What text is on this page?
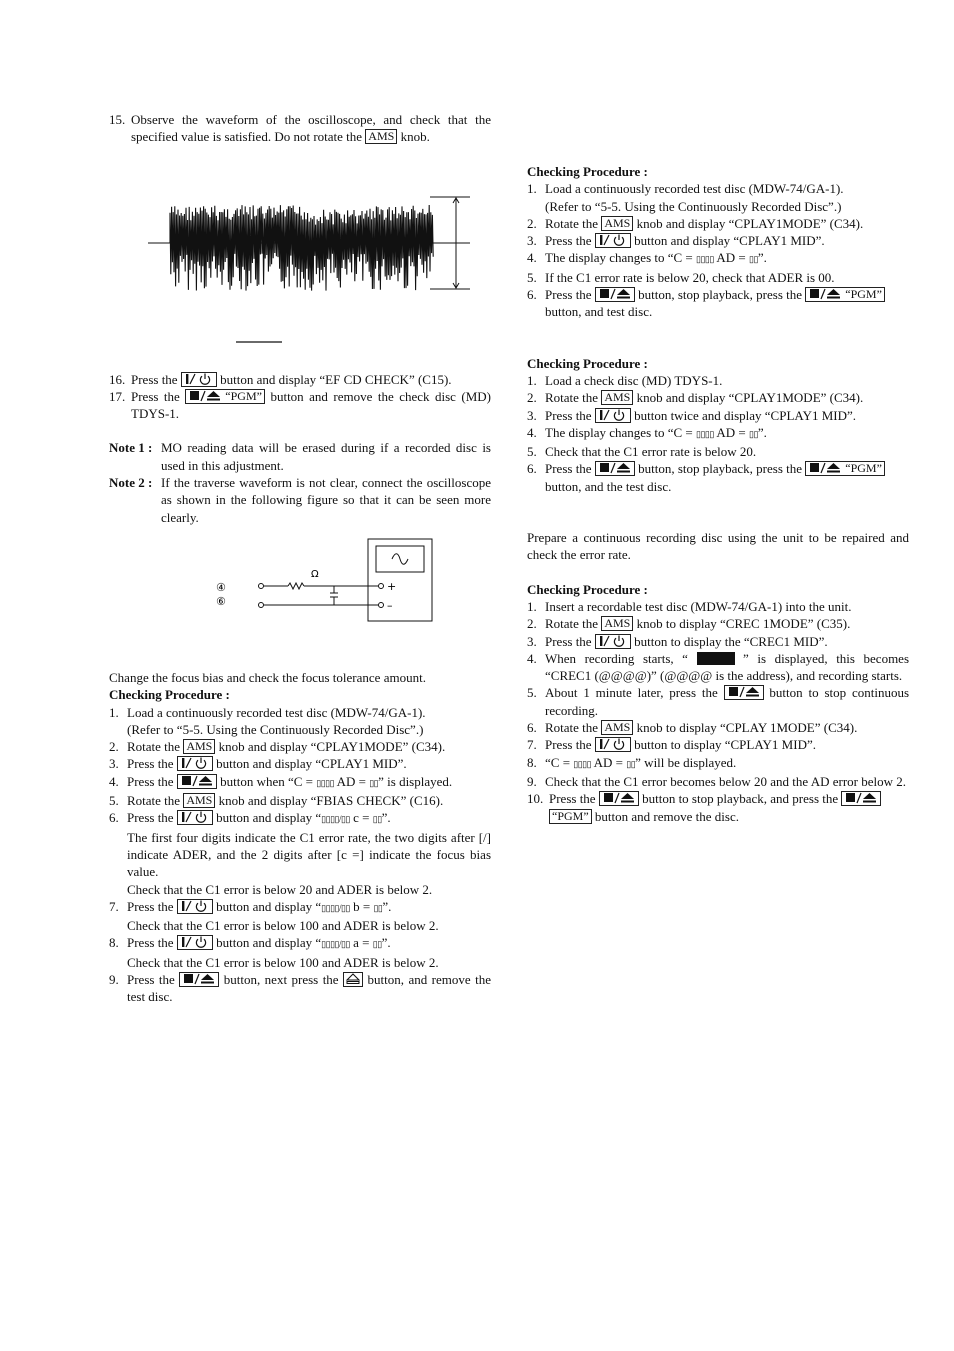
15. Observe the waveform of the oscilloscope, and check that the specified value is satisfied. Do not rotate the AMS knob.
16. Press the	button and display “EF CD CHECK” (C15).
17. Press the	“PGM” button and remove the check disc (MD) TDYS-1.
Note 1 : MO reading data will be erased during if a recorded disc is used in this adjustment.
Note 2 : If the traverse waveform is not clear, connect the oscilloscope as shown in the following figure so that it can be seen more clearly.
Change the focus bias and check the focus tolerance amount.
Checking Procedure :
1. Load a continuously recorded test disc (MDW-74/GA-1).
(Refer to “5-5. Using the Continuously Recorded Disc”.)
2. Rotate the AMS knob and display “CPLAY1MODE” (C34).
3. Press the	button and display “CPLAY1 MID”.
4. Press the	button when “C = ▯▯▯▯ AD = ▯▯” is displayed.
5. Rotate the AMS knob and display “FBIAS CHECK” (C16).
6. Press the	button and display “▯▯▯▯/▯▯ c = ▯▯”.
The first four digits indicate the C1 error rate, the two digits after [/] indicate ADER, and the 2 digits after [c =] indicate the focus bias value.
Check that the C1 error is below 20 and ADER is below 2.
7. Press the	button and display “▯▯▯▯/▯▯ b = ▯▯”.
Check that the C1 error is below 100 and ADER is below 2.
8. Press the	button and display “▯▯▯▯/▯▯ a = ▯▯”.
Check that the C1 error is below 100 and ADER is below 2.
9. Press the	button, next press the button, and remove the test disc.
④
⑥
Ω
+
–
Checking Procedure :
1. Load a continuously recorded test disc (MDW-74/GA-1).
(Refer to “5-5. Using the Continuously Recorded Disc”.)
2. Rotate the AMS knob and display “CPLAY1MODE” (C34).
3. Press the	button and display “CPLAY1 MID”.
4. The display changes to “C = ▯▯▯▯ AD = ▯▯”.
5. If the C1 error rate is below 20, check that ADER is 00.
6. Press the	button, stop playback, press the	“PGM”
button, and test disc.
Checking Procedure :
1. Load a check disc (MD) TDYS-1.
2. Rotate the AMS knob and display “CPLAY1MODE” (C34).
3. Press the	button twice and display “CPLAY1 MID”.
4. The display changes to “C = ▯▯▯▯ AD = ▯▯”.
5. Check that the C1 error rate is below 20.
6. Press the	button, stop playback, press the	“PGM”
button, and the test disc.
Prepare a continuous recording disc using the unit to be repaired and check the error rate.
Checking Procedure :
1. Insert a recordable test disc (MDW-74/GA-1) into the unit.
2. Rotate the AMS knob to display “CREC 1MODE” (C35).
3. Press the	button to display the “CREC1 MID”.
4. When recording starts, “	” is displayed, this becomes “CREC1 (@@@@)” (@@@@ is the address), and recording starts.
5. About 1 minute later, press the	button to stop continuous recording.
6. Rotate the AMS knob to display “CPLAY 1MODE” (C34).
7. Press the	button to display “CPLAY1 MID”.
8. “C = ▯▯▯▯ AD = ▯▯” will be displayed.
9. Check that the C1 error becomes below 20 and the AD error below 2.
10. Press the	button to stop playback, and press the
“PGM” button and remove the disc.
